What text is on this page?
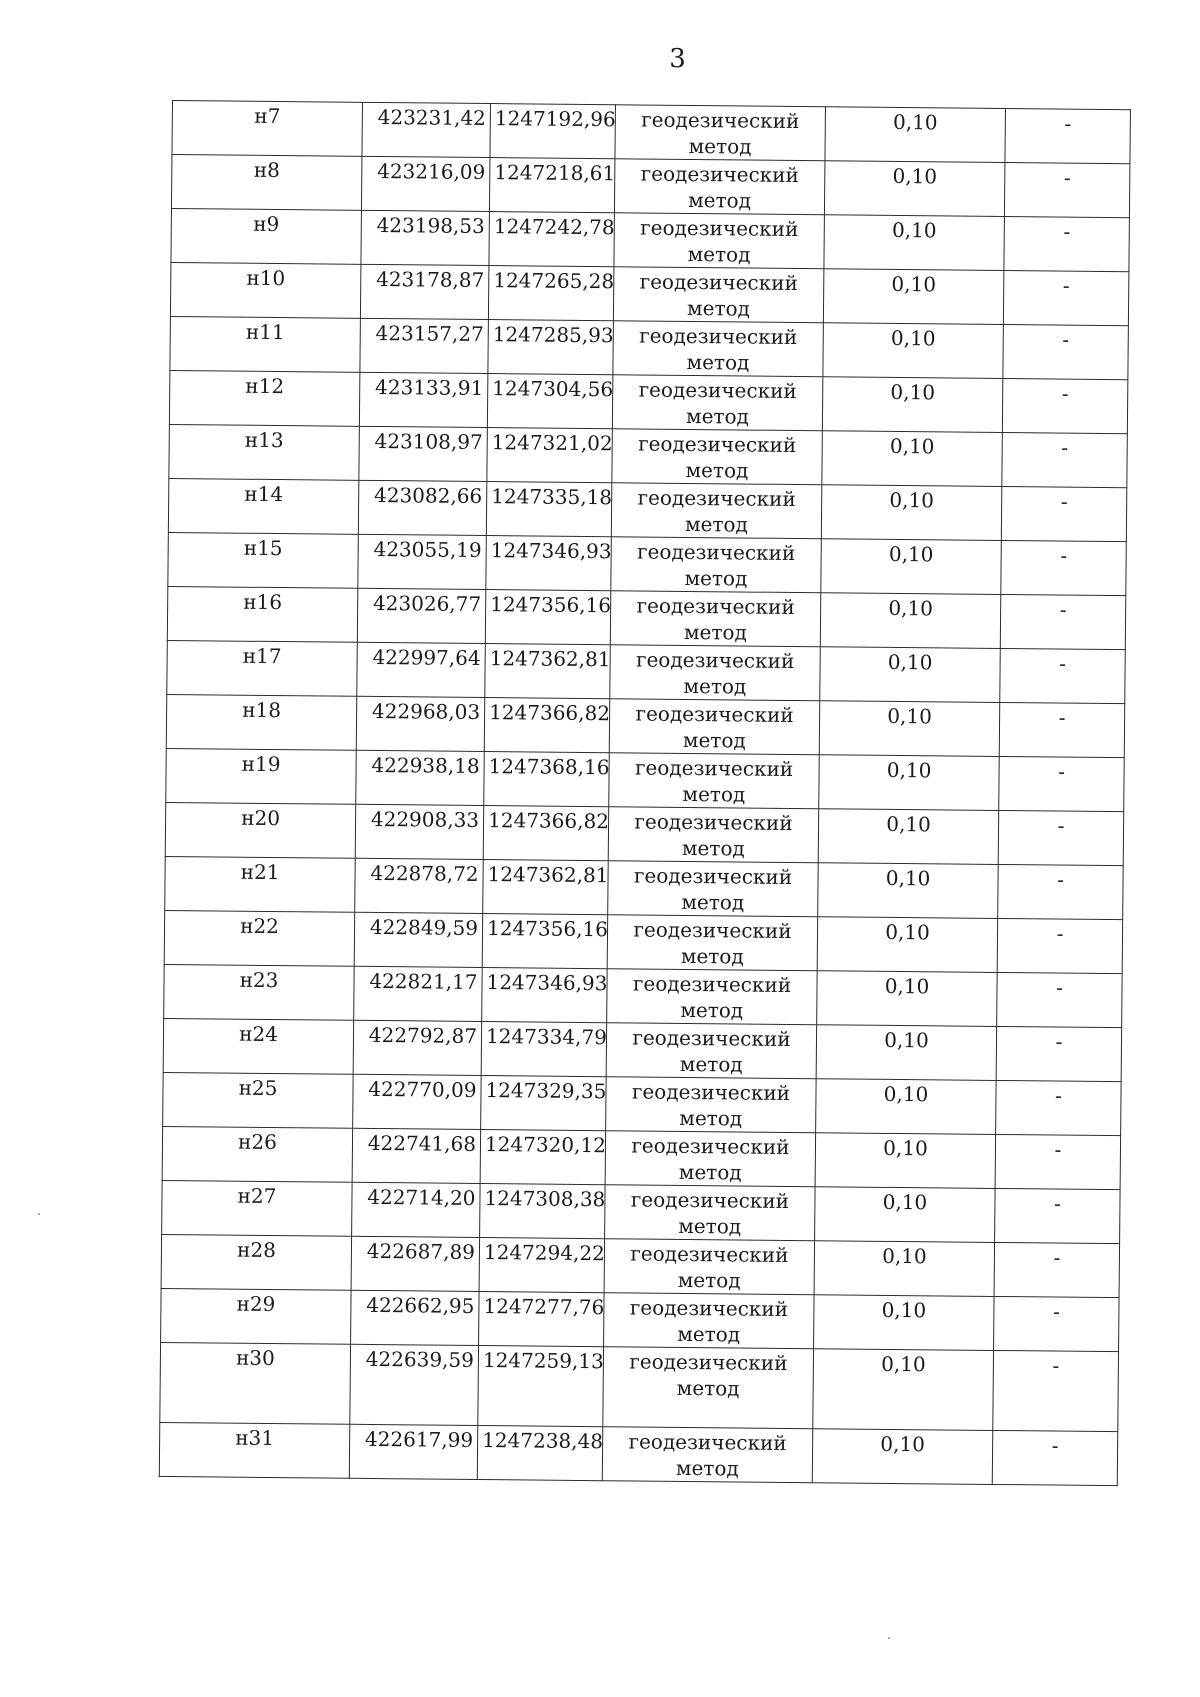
3
н7	423231,42	1247192,96	геодезический
метод	0,10	-
н8	423216,09	1247218,61	геодезический
метод	0,10	-
н9	423198,53	1247242,78	геодезический
метод	0,10	-
н10	423178,87	1247265,28	геодезический
метод	0,10	-
н11	423157,27	1247285,93	геодезический
метод	0,10	-
н12	423133,91	1247304,56	геодезический
метод	0,10	-
н13	423108,97	1247321,02	геодезический
метод	0,10	-
н14	423082,66	1247335,18	геодезический
метод	0,10	-
н15	423055,19	1247346,93	геодезический
метод	0,10	-
н16	423026,77	1247356,16	геодезический
метод	0,10	-
н17	422997,64	1247362,81	геодезический
метод	0,10	-
н18	422968,03	1247366,82	геодезический
метод	0,10	-
н19	422938,18	1247368,16	геодезический
метод	0,10	-
н20	422908,33	1247366,82	геодезический
метод	0,10	-
н21	422878,72	1247362,81	геодезический
метод	0,10	-
н22	422849,59	1247356,16	геодезический
метод	0,10	-
н23	422821,17	1247346,93	геодезический
метод	0,10	-
н24	422792,87	1247334,79	геодезический
метод	0,10	-
н25	422770,09	1247329,35	геодезический
метод	0,10	-
н26	422741,68	1247320,12	геодезический
метод	0,10	-
н27	422714,20	1247308,38	геодезический
метод	0,10	-
н28	422687,89	1247294,22	геодезический
метод	0,10	-
н29	422662,95	1247277,76	геодезический
метод	0,10	-
н30	422639,59	1247259,13	геодезический
метод	0,10	-
н31	422617,99	1247238,48	геодезический
метод	0,10	-
